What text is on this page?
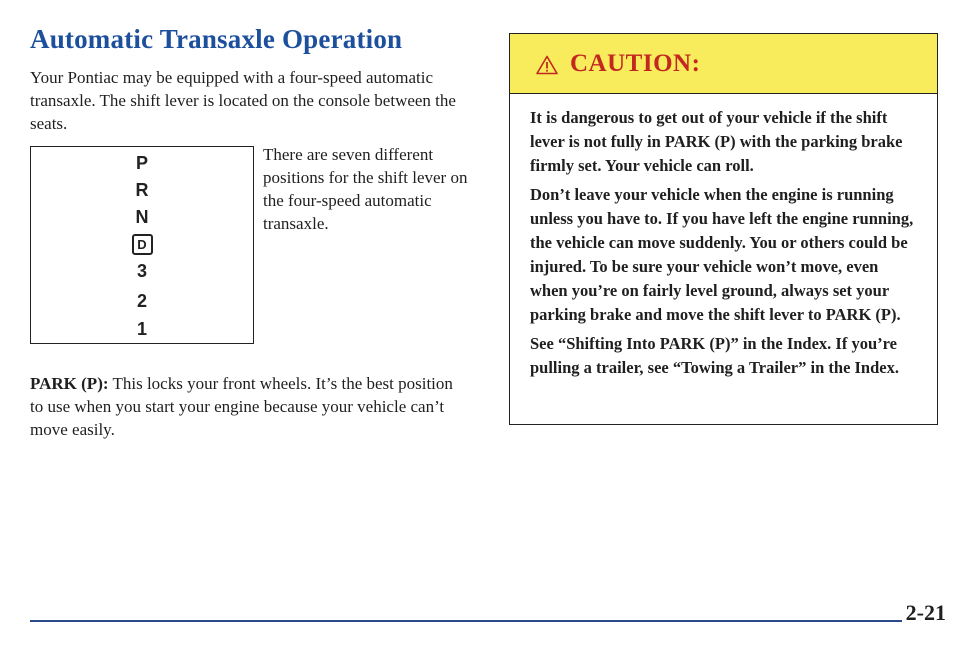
Automatic Transaxle Operation
Your Pontiac may be equipped with a four-speed automatic transaxle. The shift lever is located on the console between the seats.
P
R
N
D
3
2
1
There are seven different positions for the shift lever on the four-speed automatic transaxle.
PARK (P): This locks your front wheels. It’s the best position to use when you start your engine because your vehicle can’t move easily.
CAUTION:

It is dangerous to get out of your vehicle if the shift lever is not fully in PARK (P) with the parking brake firmly set. Your vehicle can roll.

Don’t leave your vehicle when the engine is running unless you have to. If you have left the engine running, the vehicle can move suddenly. You or others could be injured. To be sure your vehicle won’t move, even when you’re on fairly level ground, always set your parking brake and move the shift lever to PARK (P).

See “Shifting Into PARK (P)” in the Index. If you’re pulling a trailer, see “Towing a Trailer” in the Index.

2-21
